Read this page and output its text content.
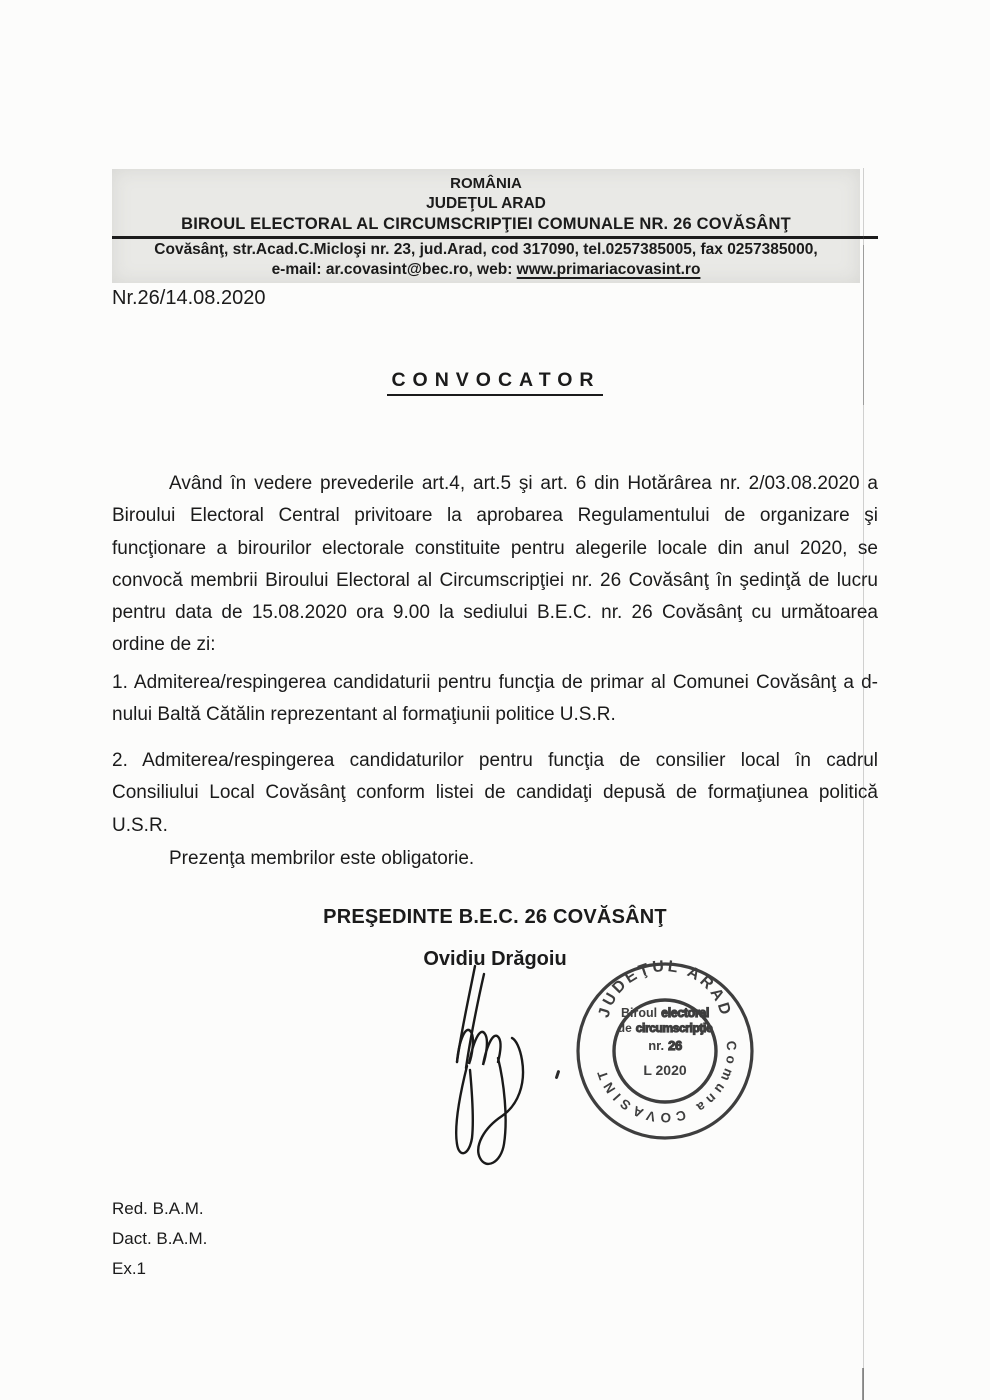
ROMÂNIA
JUDEŢUL ARAD
BIROUL ELECTORAL AL CIRCUMSCRIPŢIEI COMUNALE NR. 26 COVĂSÂNŢ
Covăsânţ, str.Acad.C.Micloşi nr. 23, jud.Arad, cod 317090, tel.0257385005, fax 0257385000,
e-mail: ar.covasint@bec.ro, web: www.primariacovasint.ro
Nr.26/14.08.2020
CONVOCATOR

Având în vedere prevederile art.4, art.5 şi art. 6 din Hotărârea nr. 2/03.08.2020 a Biroului Electoral Central privitoare la aprobarea Regulamentului de organizare şi funcţionare a birourilor electorale constituite pentru alegerile locale din anul 2020, se convocă membrii Biroului Electoral al Circumscripţiei nr. 26 Covăsânţ în şedinţă de lucru pentru data de 15.08.2020 ora 9.00 la sediului B.E.C. nr. 26 Covăsânţ cu următoarea ordine de zi:

1. Admiterea/respingerea candidaturii pentru funcţia de primar al Comunei Covăsânţ a d-nului Baltă Cătălin reprezentant al formaţiunii politice U.S.R.

2. Admiterea/respingerea candidaturilor pentru funcţia de consilier local în cadrul Consiliului Local Covăsânţ conform listei de candidaţi depusă de formaţiunea politică U.S.R.

Prezenţa membrilor este obligatorie.

PREŞEDINTE B.E.C. 26 COVĂSÂNŢ
Ovidiu Drăgoiu
JUDEŢUL ARAD
Comuna COVASINT
Biroul electoral
de circumscripţie
nr. 26
L 2020
Red. B.A.M.
Dact. B.A.M.
Ex.1
